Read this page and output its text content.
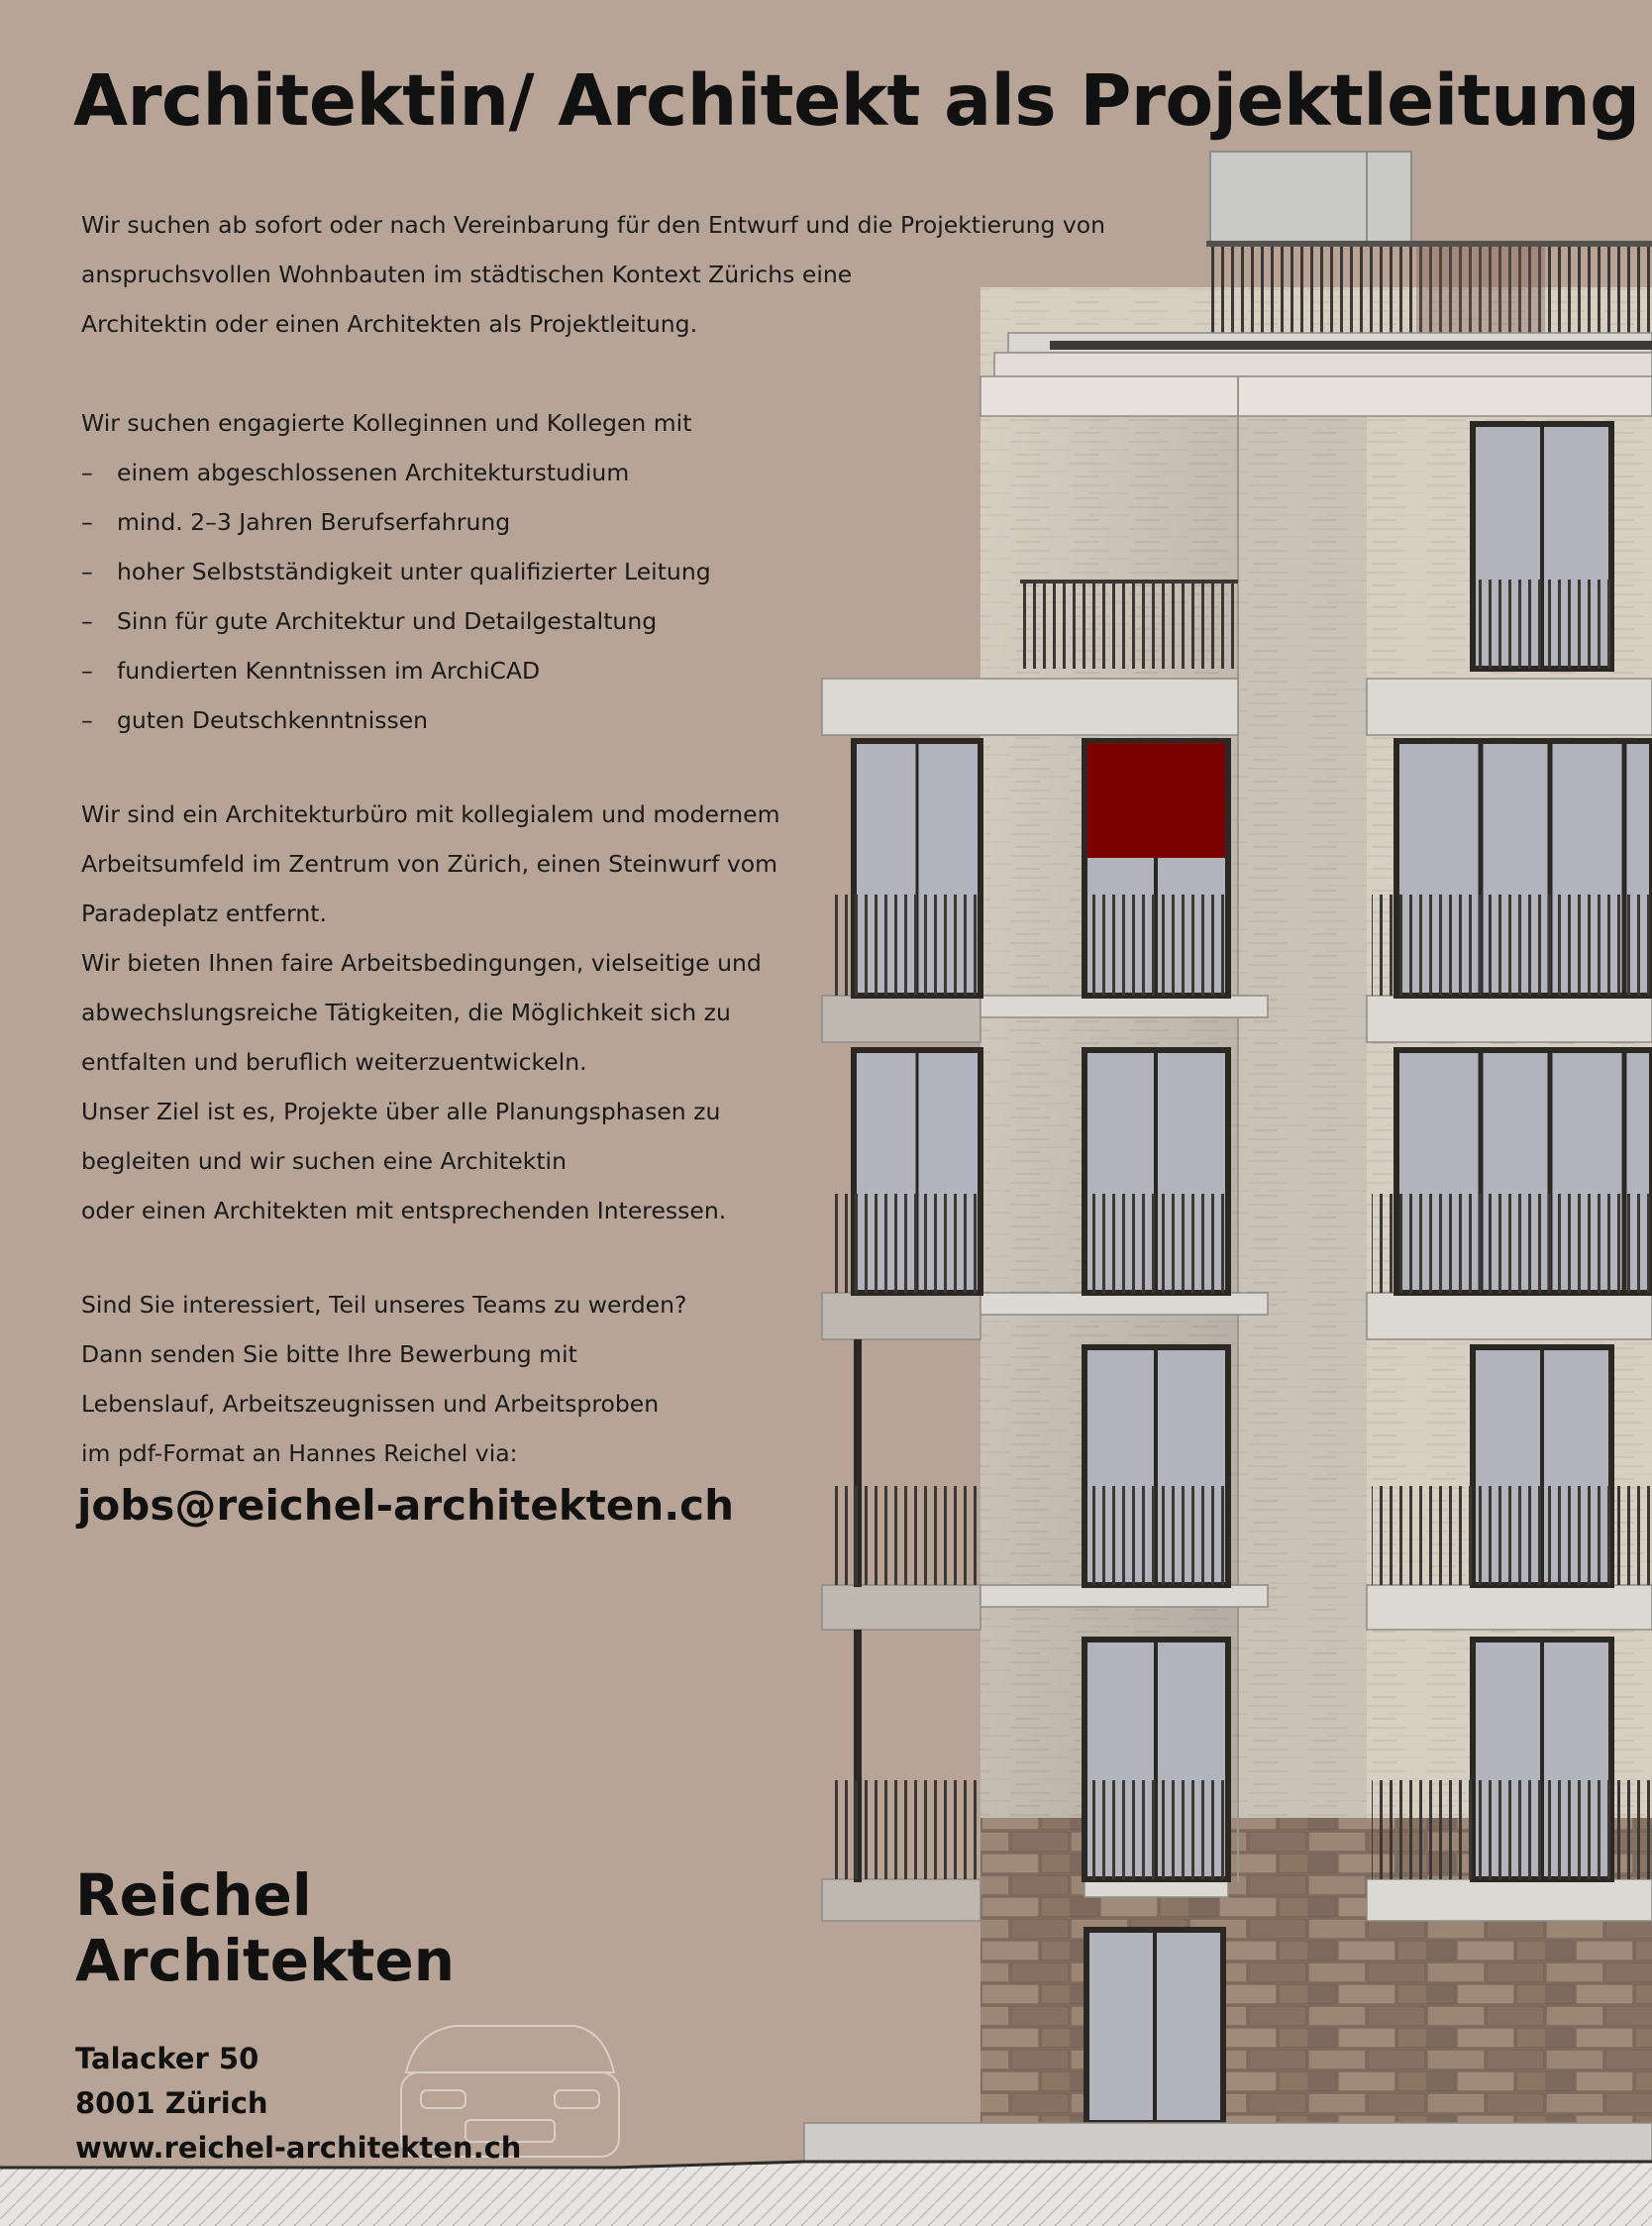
Architektin/ Architekt als Projektleitung

Wir suchen ab sofort oder nach Vereinbarung für den Entwurf und die Projektierung von

anspruchsvollen Wohnbauten im städtischen Kontext Zürichs eine

Architektin oder einen Architekten als Projektleitung.

Wir suchen engagierte Kolleginnen und Kollegen mit

– einem abgeschlossenen Architekturstudium
– mind. 2–3 Jahren Berufserfahrung
– hoher Selbstständigkeit unter qualifizierter Leitung
– Sinn für gute Architektur und Detailgestaltung
– fundierten Kenntnissen im ArchiCAD
– guten Deutschkenntnissen

Wir sind ein Architekturbüro mit kollegialem und modernem

Arbeitsumfeld im Zentrum von Zürich, einen Steinwurf vom

Paradeplatz entfernt.

Wir bieten Ihnen faire Arbeitsbedingungen, vielseitige und

abwechslungsreiche Tätigkeiten, die Möglichkeit sich zu

entfalten und beruflich weiterzuentwickeln.

Unser Ziel ist es, Projekte über alle Planungsphasen zu

begleiten und wir suchen eine Architektin

oder einen Architekten mit entsprechenden Interessen.

Sind Sie interessiert, Teil unseres Teams zu werden?

Dann senden Sie bitte Ihre Bewerbung mit

Lebenslauf, Arbeitszeugnissen und Arbeitsproben

im pdf-Format an Hannes Reichel via:

jobs@reichel-architekten.ch
Reichel
Architekten
Talacker 50
8001 Zürich
www.reichel-architekten.ch
